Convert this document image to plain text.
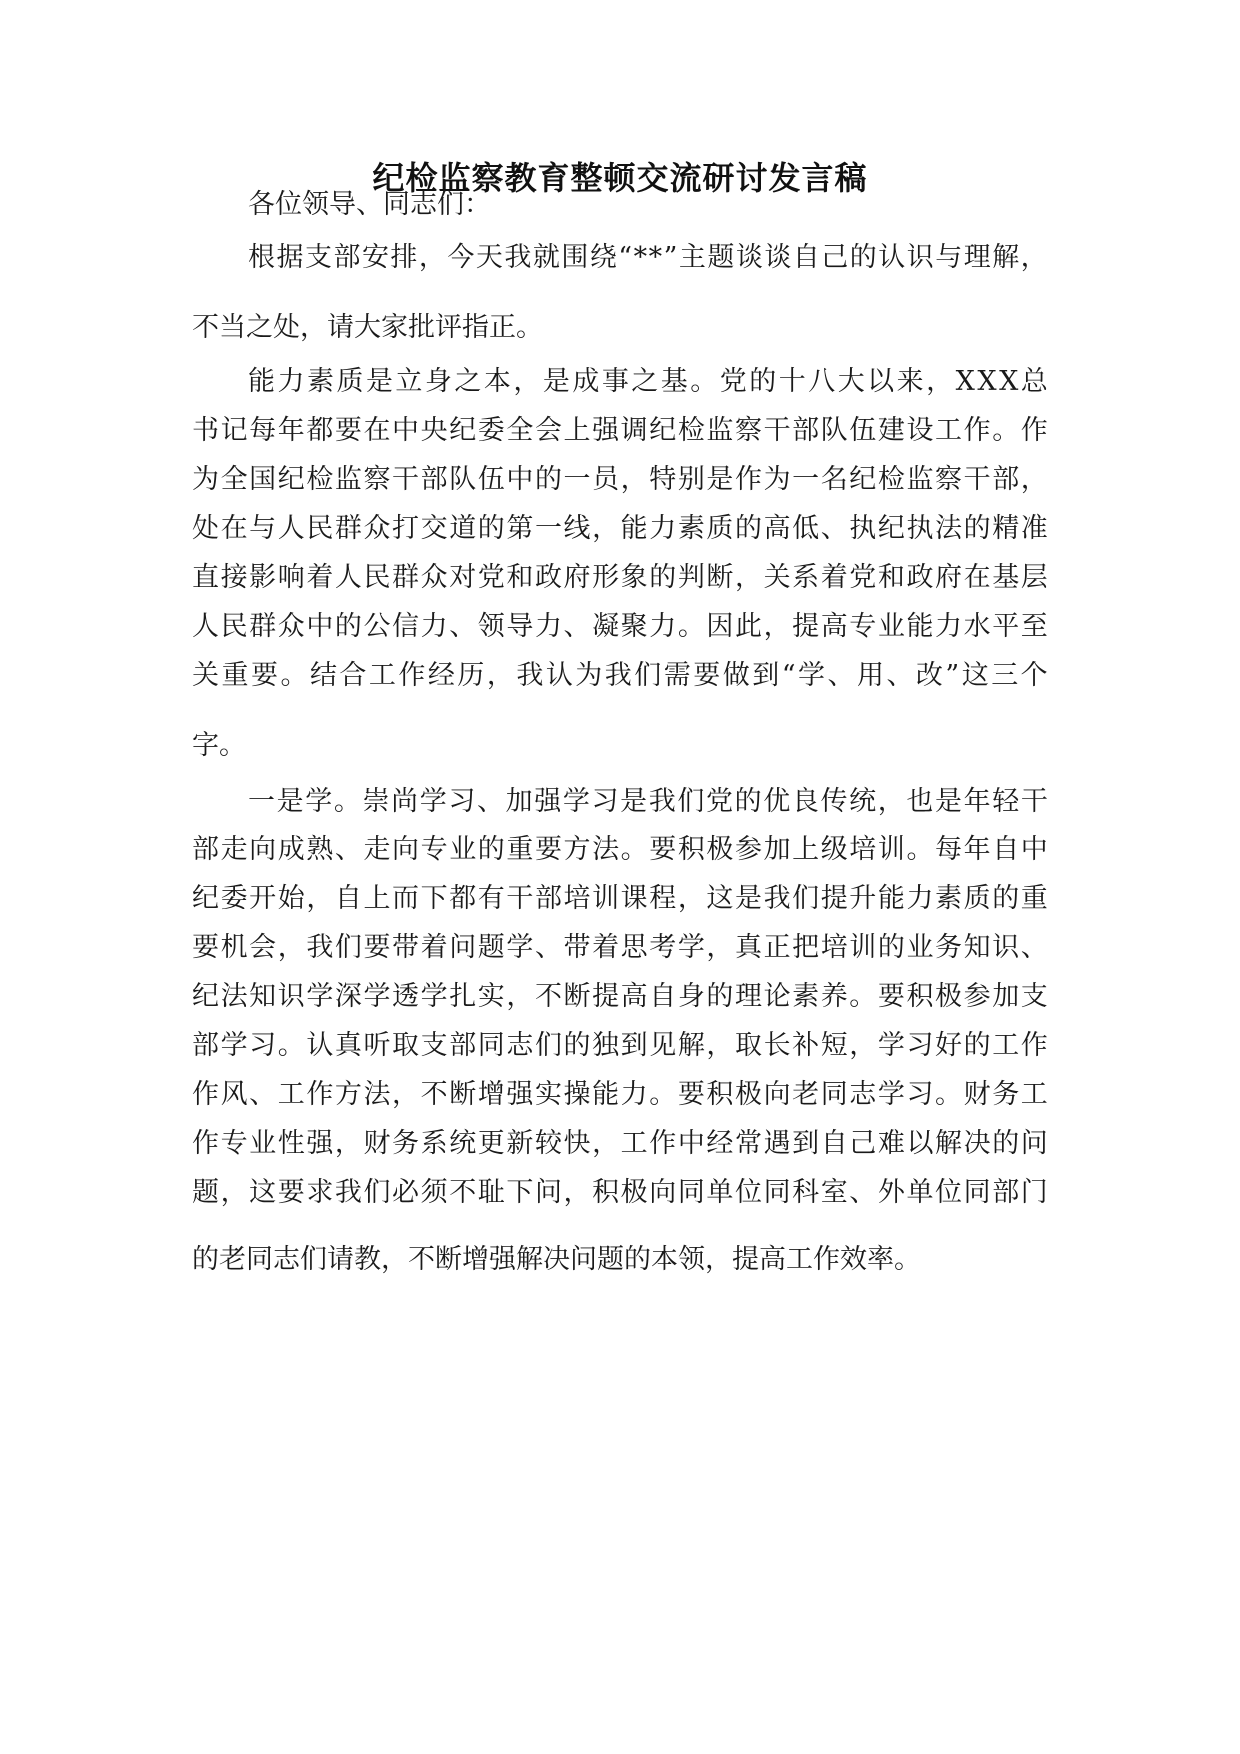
纪检监察教育整顿交流研讨发言稿
各位领导、同志们：
根 据 支 部 安 排 ， 今 天 我 就 围 绕 “ * * ” 主 题 谈 谈 自 己 的 认 识 与 理 解 ，
不当之处，请大家批评指正。
能 力 素 质 是 立 身 之 本 ， 是 成 事 之 基 。 党 的 十 八 大 以 来 ， X X X 总
书 记 每 年 都 要 在 中 央 纪 委 全 会 上 强 调 纪 检 监 察 干 部 队 伍 建 设 工 作 。 作
为 全 国 纪 检 监 察 干 部 队 伍 中 的 一 员 ， 特 别 是 作 为 一 名 纪 检 监 察 干 部 ，
处 在 与 人 民 群 众 打 交 道 的 第 一 线 ， 能 力 素 质 的 高 低 、 执 纪 执 法 的 精 准
直 接 影 响 着 人 民 群 众 对 党 和 政 府 形 象 的 判 断 ， 关 系 着 党 和 政 府 在 基 层
人 民 群 众 中 的 公 信 力 、 领 导 力 、 凝 聚 力 。 因 此 ， 提 高 专 业 能 力 水 平 至
关 重 要 。 结 合 工 作 经 历 ， 我 认 为 我 们 需 要 做 到 “ 学 、 用 、 改 ” 这 三 个
字。
一 是 学 。 崇 尚 学 习 、 加 强 学 习 是 我 们 党 的 优 良 传 统 ， 也 是 年 轻 干
部 走 向 成 熟 、 走 向 专 业 的 重 要 方 法 。 要 积 极 参 加 上 级 培 训 。 每 年 自 中
纪 委 开 始 ， 自 上 而 下 都 有 干 部 培 训 课 程 ， 这 是 我 们 提 升 能 力 素 质 的 重
要 机 会 ， 我 们 要 带 着 问 题 学 、 带 着 思 考 学 ， 真 正 把 培 训 的 业 务 知 识 、
纪 法 知 识 学 深 学 透 学 扎 实 ， 不 断 提 高 自 身 的 理 论 素 养 。 要 积 极 参 加 支
部 学 习 。 认 真 听 取 支 部 同 志 们 的 独 到 见 解 ， 取 长 补 短 ， 学 习 好 的 工 作
作 风 、 工 作 方 法 ， 不 断 增 强 实 操 能 力 。 要 积 极 向 老 同 志 学 习 。 财 务 工
作 专 业 性 强 ， 财 务 系 统 更 新 较 快 ， 工 作 中 经 常 遇 到 自 己 难 以 解 决 的 问
题 ， 这 要 求 我 们 必 须 不 耻 下 问 ， 积 极 向 同 单 位 同 科 室 、 外 单 位 同 部 门
的老同志们请教，不断增强解决问题的本领，提高工作效率。
